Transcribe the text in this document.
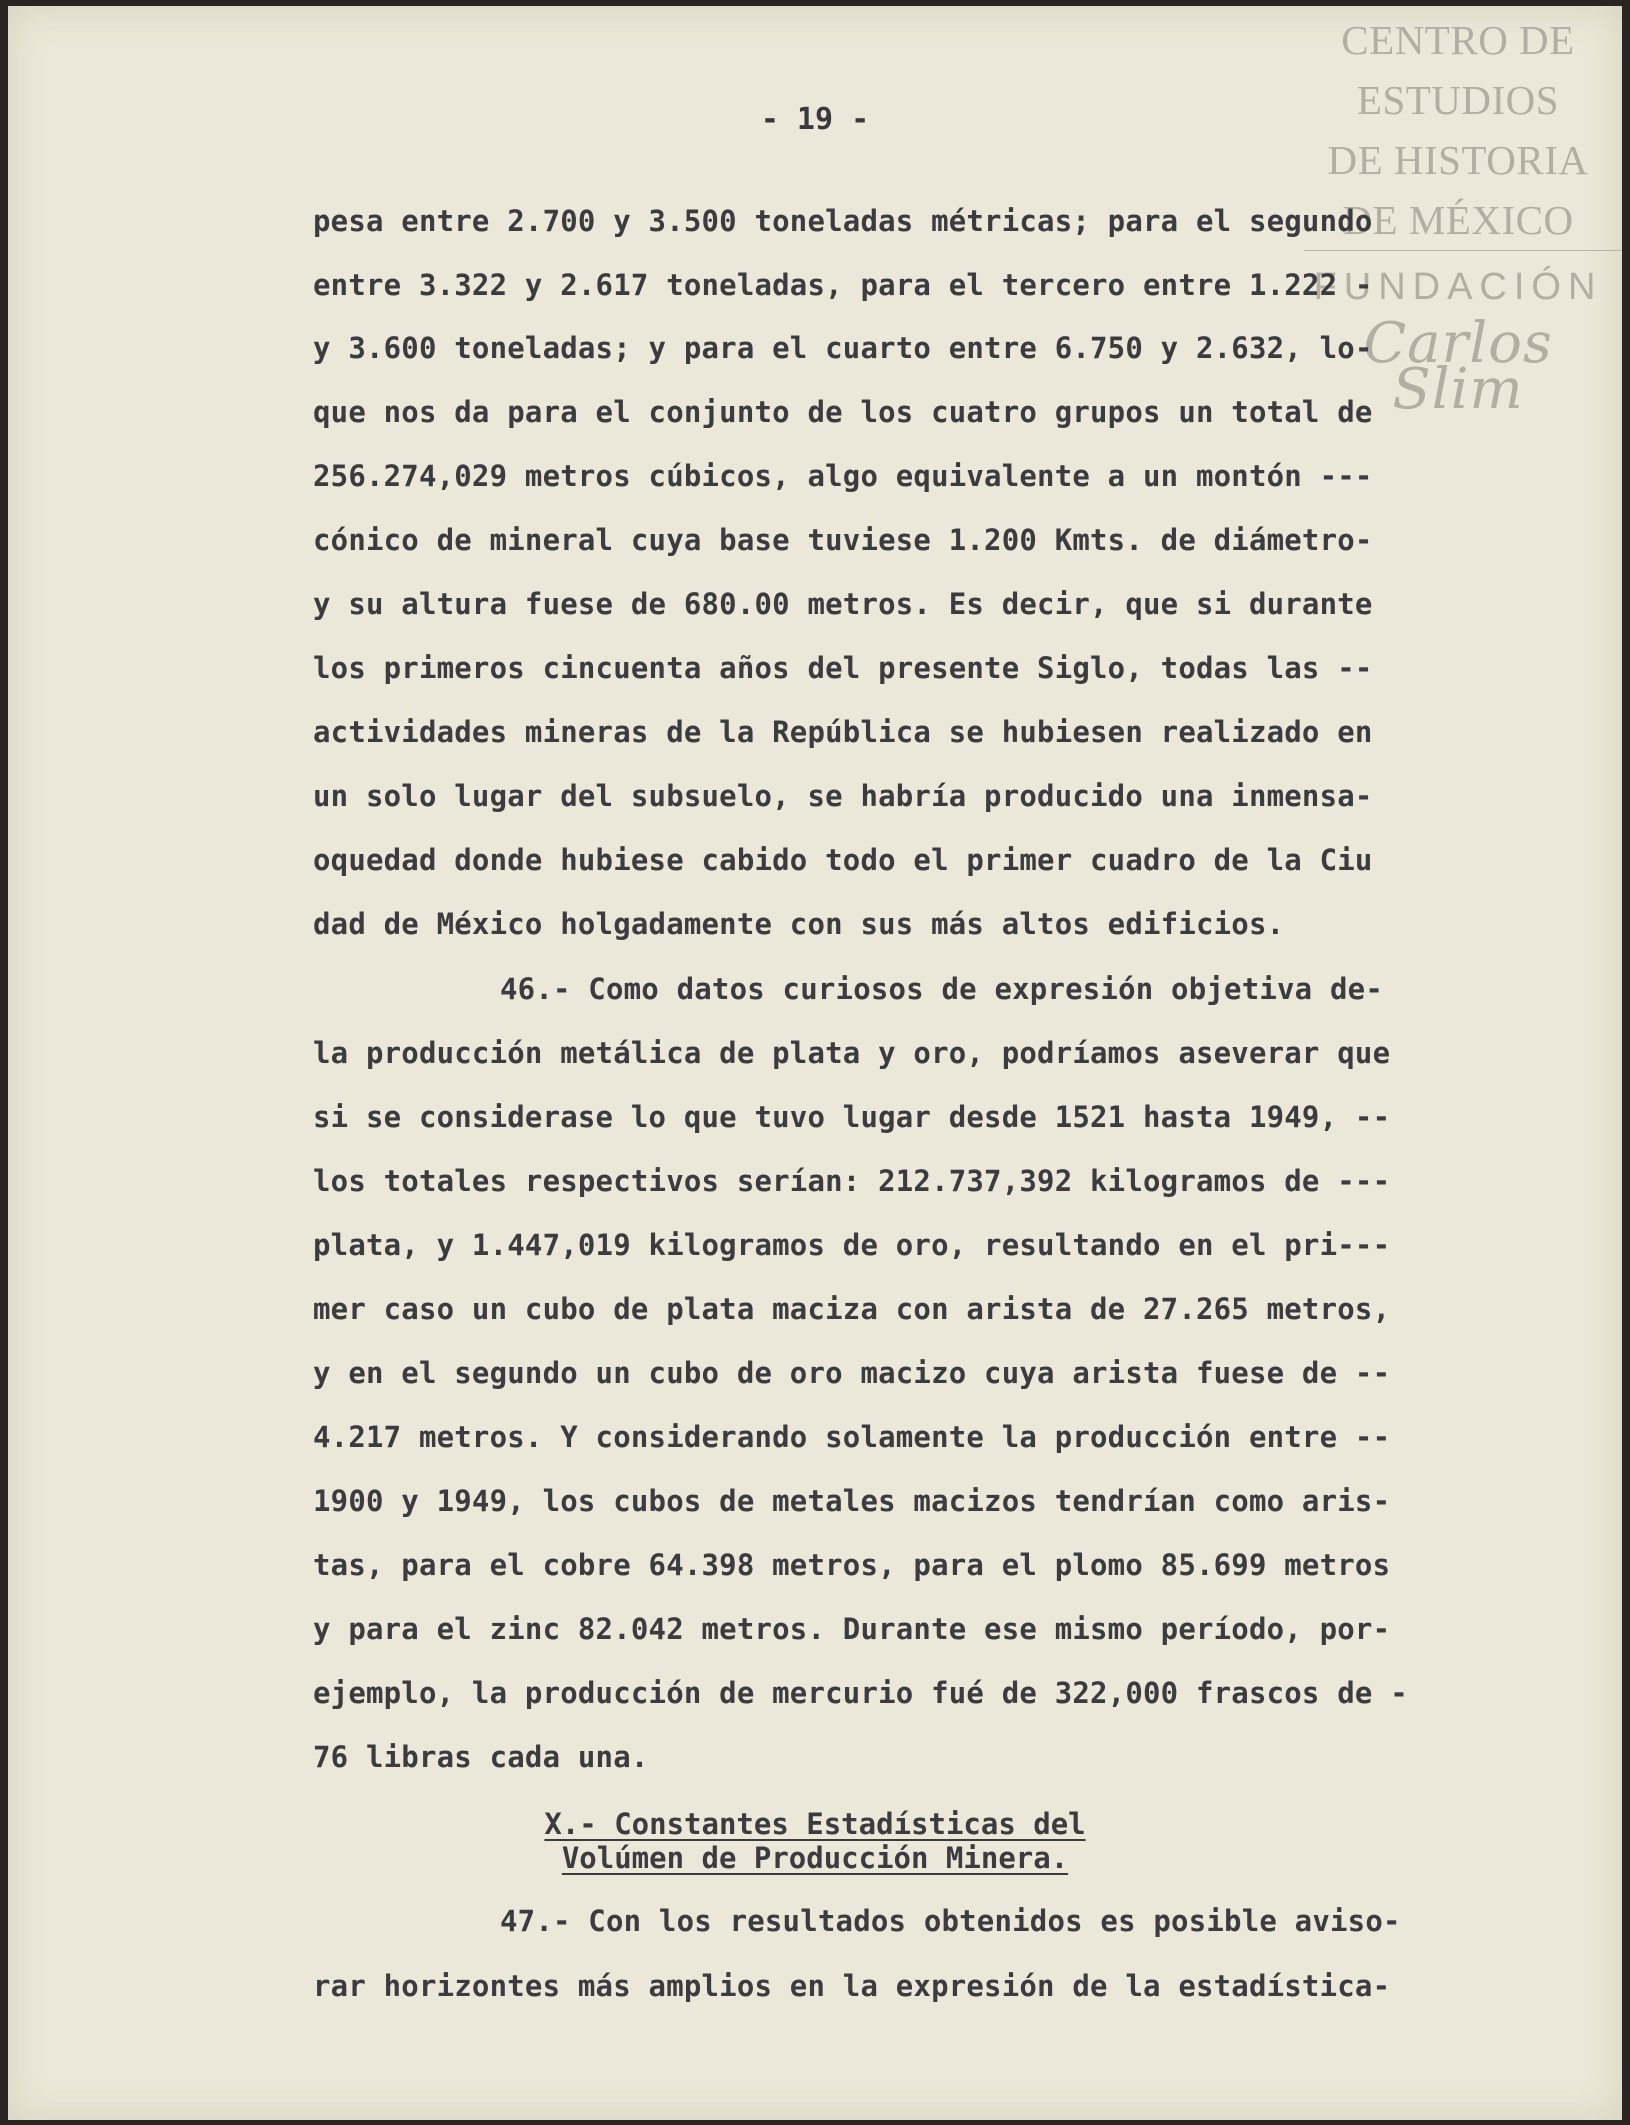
CENTRO DE
ESTUDIOS
DE HISTORIA
DE MÉXICO
FUNDACIÓN
Carlos Slim
- 19 -
pesa entre 2.700 y 3.500 toneladas métricas; para el segundo
entre 3.322 y 2.617 toneladas, para el tercero entre 1.222 -
y 3.600 toneladas; y para el cuarto entre 6.750 y 2.632, lo-
que nos da para el conjunto de los cuatro grupos un total de
256.274,029 metros cúbicos, algo equivalente a un montón ---
cónico de mineral cuya base tuviese 1.200 Kmts. de diámetro-
y su altura fuese de 680.00 metros. Es decir, que si durante
los primeros cincuenta años del presente Siglo, todas las --
actividades mineras de la República se hubiesen realizado en
un solo lugar del subsuelo, se habría producido una inmensa-
oquedad donde hubiese cabido todo el primer cuadro de la Ciu
dad de México holgadamente con sus más altos edificios.
46.- Como datos curiosos de expresión objetiva de-
la producción metálica de plata y oro, podríamos aseverar que
si se considerase lo que tuvo lugar desde 1521 hasta 1949, --
los totales respectivos serían: 212.737,392 kilogramos de ---
plata, y 1.447,019 kilogramos de oro, resultando en el pri---
mer caso un cubo de plata maciza con arista de 27.265 metros,
y en el segundo un cubo de oro macizo cuya arista fuese de --
4.217 metros. Y considerando solamente la producción entre --
1900 y 1949, los cubos de metales macizos tendrían como aris-
tas, para el cobre 64.398 metros, para el plomo 85.699 metros
y para el zinc 82.042 metros. Durante ese mismo período, por-
ejemplo, la producción de mercurio fué de 322,000 frascos de -
76 libras cada una.
X.- Constantes Estadísticas del
Volúmen de Producción Minera.
47.- Con los resultados obtenidos es posible aviso-
rar horizontes más amplios en la expresión de la estadística-
